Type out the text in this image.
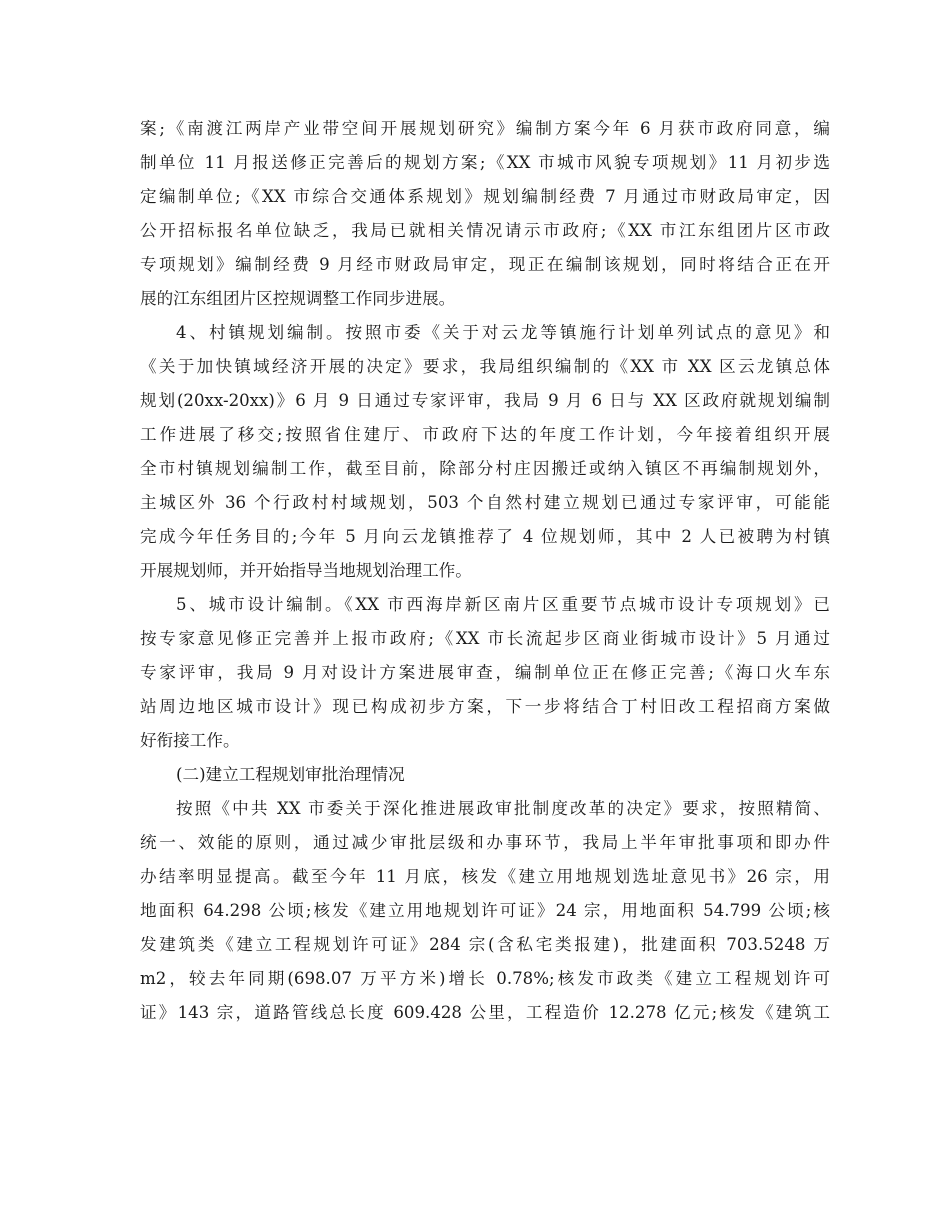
案;《南渡江两岸产业带空间开展规划研究》编制方案今年 6 月获市政府同意，编
制单位 11 月报送修正完善后的规划方案;《XX 市城市风貌专项规划》11 月初步选
定编制单位;《XX 市综合交通体系规划》规划编制经费 7 月通过市财政局审定，因
公开招标报名单位缺乏，我局已就相关情况请示市政府;《XX 市江东组团片区市政
专项规划》编制经费 9 月经市财政局审定，现正在编制该规划，同时将结合正在开
展的江东组团片区控规调整工作同步进展。
4、村镇规划编制。按照市委《关于对云龙等镇施行计划单列试点的意见》和
《关于加快镇域经济开展的决定》要求，我局组织编制的《XX 市 XX 区云龙镇总体
规划(20xx-20xx)》6 月 9 日通过专家评审，我局 9 月 6 日与 XX 区政府就规划编制
工作进展了移交;按照省住建厅、市政府下达的年度工作计划，今年接着组织开展
全市村镇规划编制工作，截至目前，除部分村庄因搬迁或纳入镇区不再编制规划外，
主城区外 36 个行政村村域规划，503 个自然村建立规划已通过专家评审，可能能
完成今年任务目的;今年 5 月向云龙镇推荐了 4 位规划师，其中 2 人已被聘为村镇
开展规划师，并开始指导当地规划治理工作。
5、城市设计编制。《XX 市西海岸新区南片区重要节点城市设计专项规划》已
按专家意见修正完善并上报市政府;《XX 市长流起步区商业街城市设计》5 月通过
专家评审，我局 9 月对设计方案进展审查，编制单位正在修正完善;《海口火车东
站周边地区城市设计》现已构成初步方案，下一步将结合丁村旧改工程招商方案做
好衔接工作。
(二)建立工程规划审批治理情况
按照《中共 XX 市委关于深化推进展政审批制度改革的决定》要求，按照精简、
统一、效能的原则，通过减少审批层级和办事环节，我局上半年审批事项和即办件
办结率明显提高。截至今年 11 月底，核发《建立用地规划选址意见书》26 宗，用
地面积 64.298 公顷;核发《建立用地规划许可证》24 宗，用地面积 54.799 公顷;核
发建筑类《建立工程规划许可证》284 宗(含私宅类报建)，批建面积 703.5248 万
m2，较去年同期(698.07 万平方米)增长 0.78%;核发市政类《建立工程规划许可
证》143 宗，道路管线总长度 609.428 公里，工程造价 12.278 亿元;核发《建筑工
